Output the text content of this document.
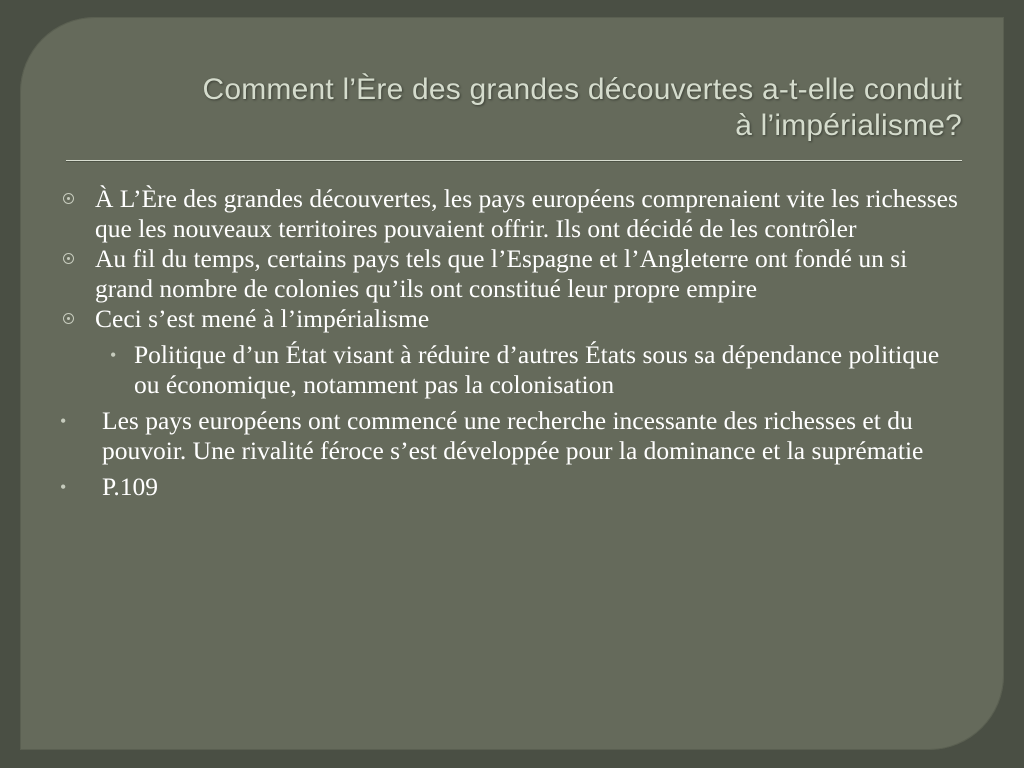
Comment l’Ère des grandes découvertes a-t-elle conduit
à l’impérialisme?
À L’Ère des grandes découvertes, les pays européens comprenaient vite les richesses que les nouveaux territoires pouvaient offrir. Ils ont décidé de les contrôler
Au fil du temps, certains pays tels que l’Espagne et l’Angleterre ont fondé un si grand nombre de colonies qu’ils ont constitué leur propre empire
Ceci s’est mené à l’impérialisme
• Politique d’un État visant à réduire d’autres États sous sa dépendance politique ou économique, notamment pas la colonisation
• Les pays européens ont commencé une recherche incessante des richesses et du pouvoir. Une rivalité féroce s’est développée pour la dominance et la suprématie
• P.109
